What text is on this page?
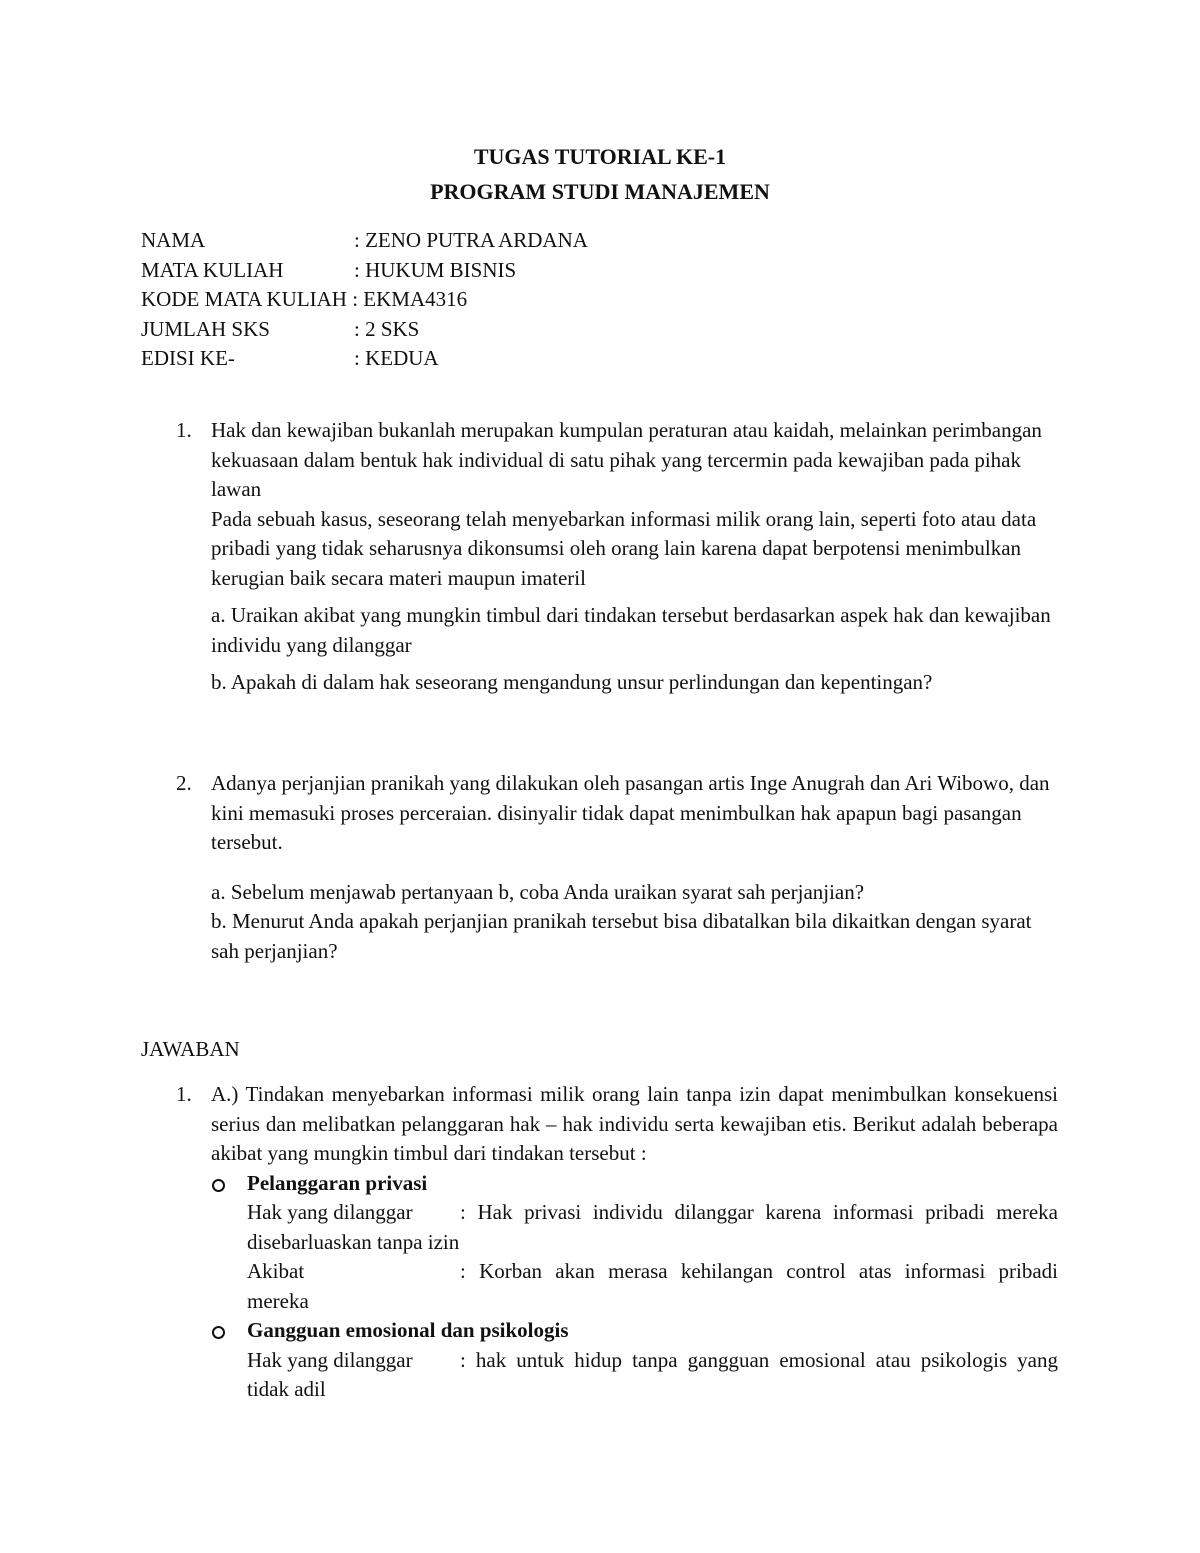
TUGAS TUTORIAL KE-1
PROGRAM STUDI MANAJEMEN
NAMA	: ZENO PUTRA ARDANA
MATA KULIAH	: HUKUM BISNIS
KODE MATA KULIAH : EKMA4316
JUMLAH SKS	: 2 SKS
EDISI KE-	: KEDUA
1. Hak dan kewajiban bukanlah merupakan kumpulan peraturan atau kaidah, melainkan perimbangan kekuasaan dalam bentuk hak individual di satu pihak yang tercermin pada kewajiban pada pihak lawan

Pada sebuah kasus, seseorang telah menyebarkan informasi milik orang lain, seperti foto atau data pribadi yang tidak seharusnya dikonsumsi oleh orang lain karena dapat berpotensi menimbulkan kerugian baik secara materi maupun imateril

a. Uraikan akibat yang mungkin timbul dari tindakan tersebut berdasarkan aspek hak dan kewajiban individu yang dilanggar

b. Apakah di dalam hak seseorang mengandung unsur perlindungan dan kepentingan?

2. Adanya perjanjian pranikah yang dilakukan oleh pasangan artis Inge Anugrah dan Ari Wibowo, dan kini memasuki proses perceraian. disinyalir tidak dapat menimbulkan hak apapun bagi pasangan tersebut.

a. Sebelum menjawab pertanyaan b, coba Anda uraikan syarat sah perjanjian?

b. Menurut Anda apakah perjanjian pranikah tersebut bisa dibatalkan bila dikaitkan dengan syarat sah perjanjian?

JAWABAN
1. A.) Tindakan menyebarkan informasi milik orang lain tanpa izin dapat menimbulkan konsekuensi serius dan melibatkan pelanggaran hak – hak individu serta kewajiban etis. Berikut adalah beberapa akibat yang mungkin timbul dari tindakan tersebut :

Pelanggaran privasi
Hak yang dilanggar : Hak privasi individu dilanggar karena informasi pribadi mereka disebarluaskan tanpa izin
Akibat	: Korban akan merasa kehilangan control atas informasi pribadi mereka
Gangguan emosional dan psikologis
Hak yang dilanggar : hak untuk hidup tanpa gangguan emosional atau psikologis yang tidak adil
